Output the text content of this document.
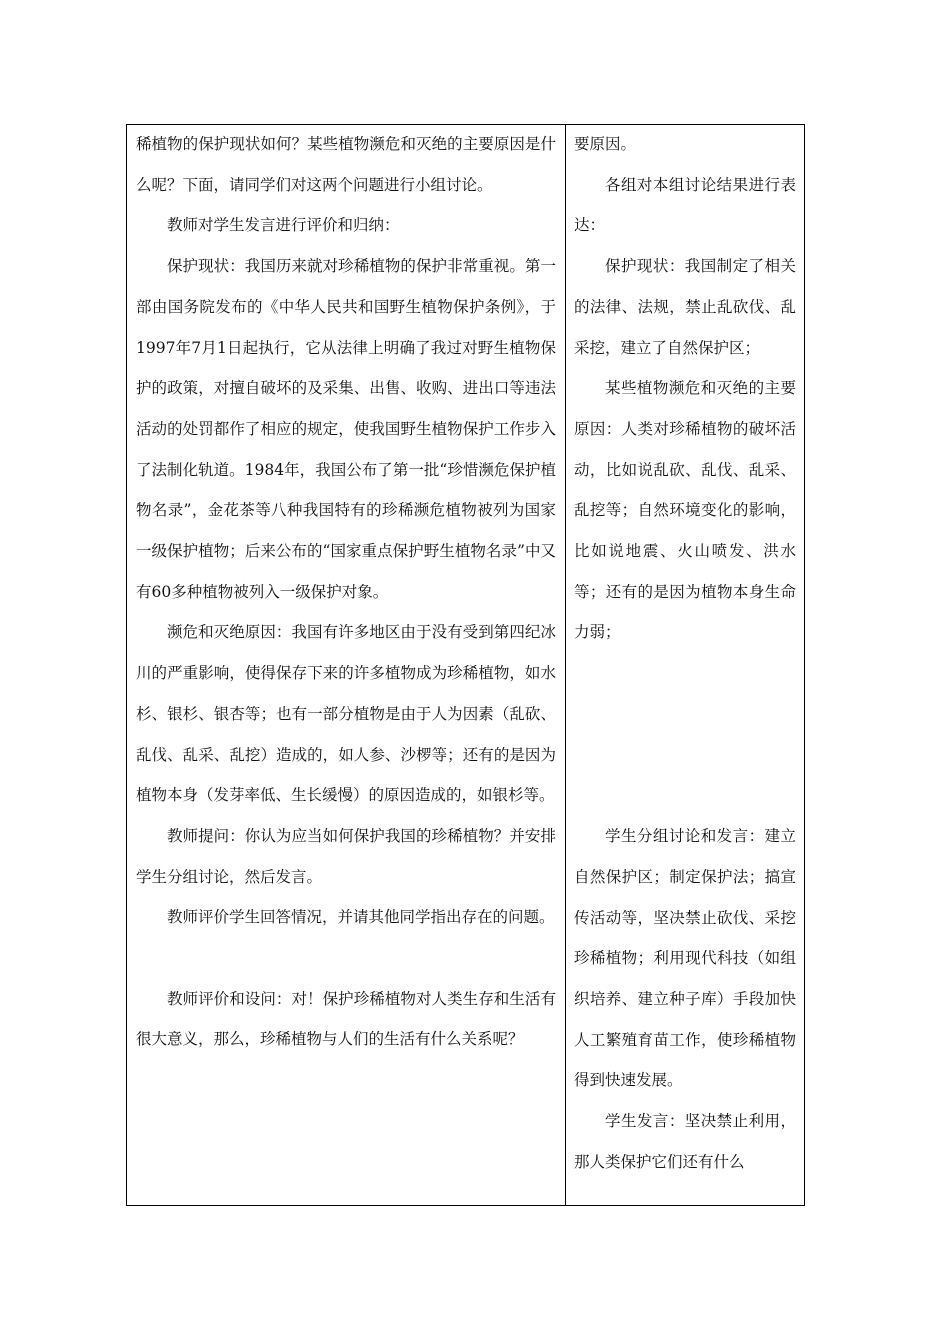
稀植物的保护现状如何？某些植物濒危和灭绝的主要原因是什么呢？下面，请同学们对这两个问题进行小组讨论。

教师对学生发言进行评价和归纳：

保护现状：我国历来就对珍稀植物的保护非常重视。第一部由国务院发布的《中华人民共和国野生植物保护条例》，于1997年7月1日起执行，它从法律上明确了我过对野生植物保护的政策，对擅自破坏的及采集、出售、收购、进出口等违法活动的处罚都作了相应的规定，使我国野生植物保护工作步入了法制化轨道。1984年，我国公布了第一批“珍惜濒危保护植物名录”，金花茶等八种我国特有的珍稀濒危植物被列为国家一级保护植物；后来公布的“国家重点保护野生植物名录”中又有60多种植物被列入一级保护对象。

濒危和灭绝原因：我国有许多地区由于没有受到第四纪冰川的严重影响，使得保存下来的许多植物成为珍稀植物，如水杉、银杉、银杏等；也有一部分植物是由于人为因素（乱砍、乱伐、乱采、乱挖）造成的，如人参、沙椤等；还有的是因为植物本身（发芽率低、生长缓慢）的原因造成的，如银杉等。

教师提问：你认为应当如何保护我国的珍稀植物？并安排学生分组讨论，然后发言。

教师评价学生回答情况，并请其他同学指出存在的问题。

教师评价和设问：对！保护珍稀植物对人类生存和生活有很大意义，那么，珍稀植物与人们的生活有什么关系呢？

要原因。

各组对本组讨论结果进行表达：

保护现状：我国制定了相关的法律、法规，禁止乱砍伐、乱采挖，建立了自然保护区；

某些植物濒危和灭绝的主要原因：人类对珍稀植物的破坏活动，比如说乱砍、乱伐、乱采、乱挖等；自然环境变化的影响，比如说地震、火山喷发、洪水等；还有的是因为植物本身生命力弱；

学生分组讨论和发言：建立自然保护区；制定保护法；搞宣传活动等，坚决禁止砍伐、采挖珍稀植物；利用现代科技（如组织培养、建立种子库）手段加快人工繁殖育苗工作，使珍稀植物得到快速发展。

学生发言：坚决禁止利用，那人类保护它们还有什么
